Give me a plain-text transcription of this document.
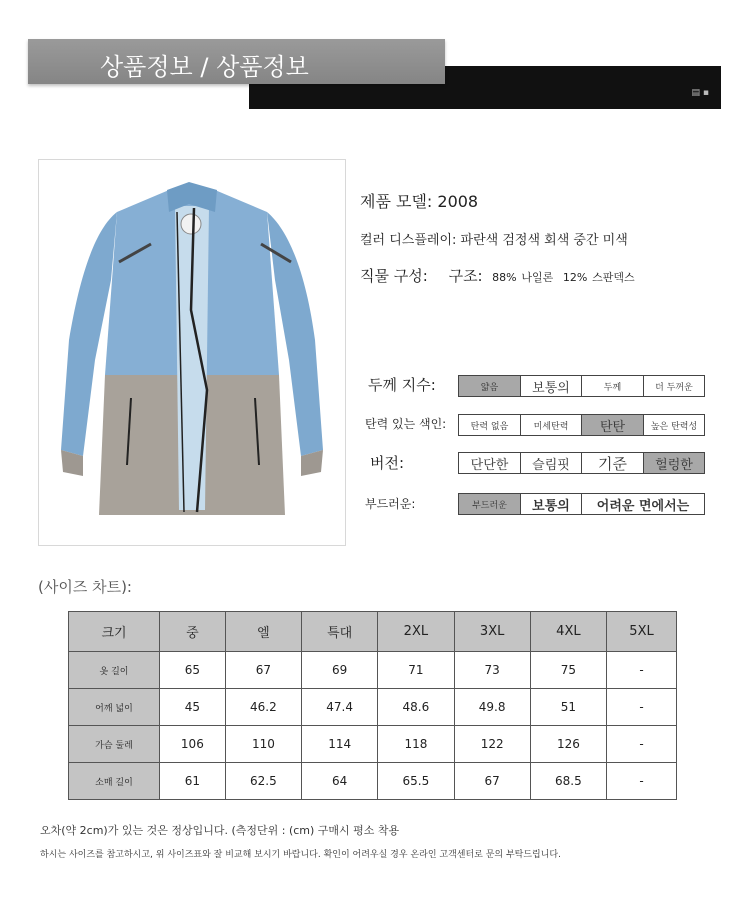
▤ ▪
상품정보 / 상품정보
제품 모델: 2008
컬러 디스플레이: 파란색 검정색 회색 중간 미색
직물 구성: 구조: 88% 나일론 12% 스판덱스
두께 지수:	얇음	보통의	두께	더 두꺼운
탄력 있는 색인:	탄력 없음	미세탄력	탄탄	높은 탄력성
버전:	단단한	슬림핏	기준	헐렁한
부드러운:	부드러운	보통의	어려운 면에서는
(사이즈 차트):
크기	중	엘	특대	2XL	3XL	4XL	5XL
옷 길이	65	67	69	71	73	75	-
어깨 넓이	45	46.2	47.4	48.6	49.8	51	-
가슴 둘레	106	110	114	118	122	126	-
소매 길이	61	62.5	64	65.5	67	68.5	-
오차(약 2cm)가 있는 것은 정상입니다. (측정단위 : (cm) 구매시 평소 착용
하시는 사이즈를 참고하시고, 위 사이즈표와 잘 비교해 보시기 바랍니다. 확인이 어려우실 경우 온라인 고객센터로 문의 부탁드립니다.
